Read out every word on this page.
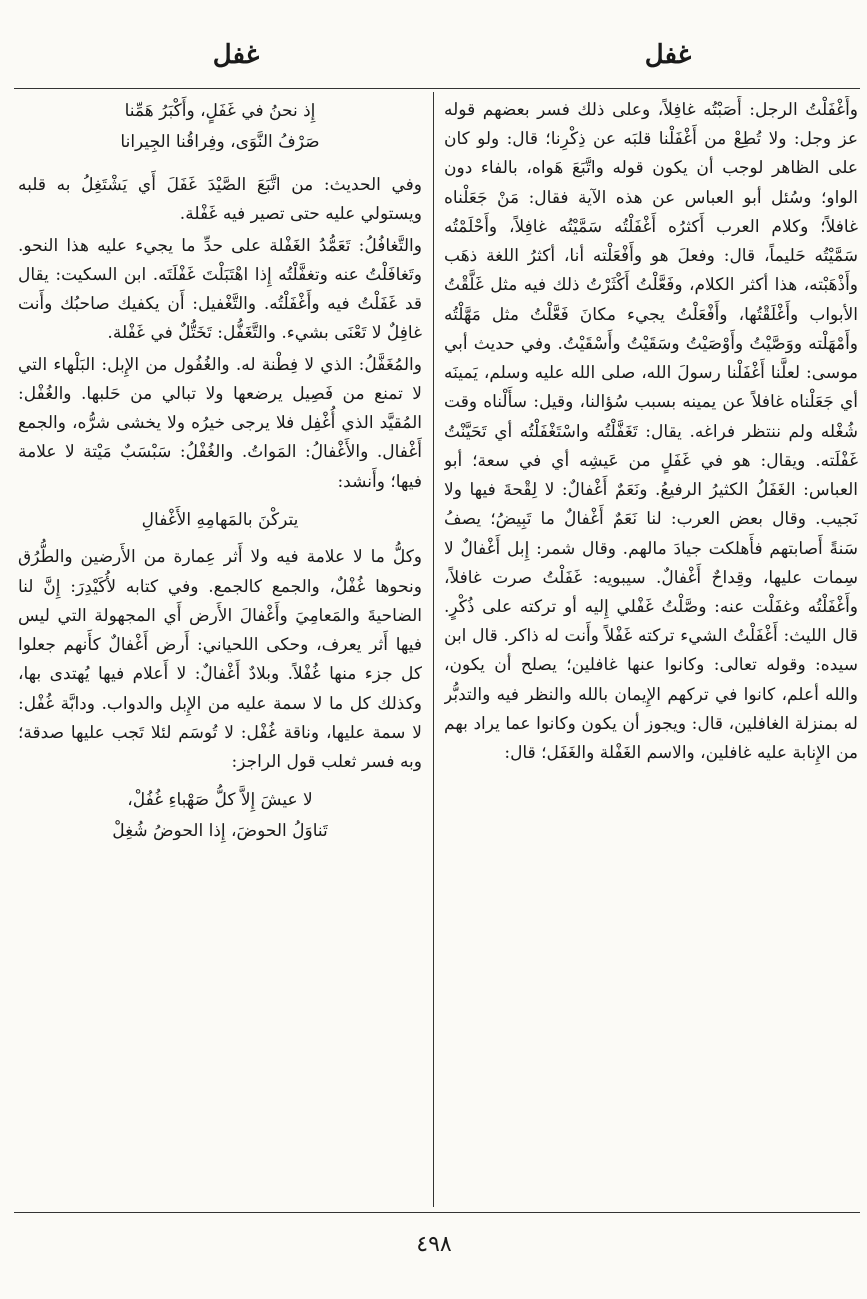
غفل
غفل

وأَغْفَلْتُ الرجل: أَصَبْتُه غافِلاً، وعلى ذلك فسر بعضهم قوله عز وجل: ولا تُطِعْ من أَغْفَلْنا قلبَه عن ذِكْرِنا؛ قال: ولو كان على الظاهر لوجب أن يكون قوله واتَّبَعَ هَواه، بالفاء دون الواو؛ وسُئل أبو العباس عن هذه الآية فقال: مَنْ جَعَلْناه غافلاً؛ وكلام العرب أَكثرُه أَغْفَلْتُه سَمَّيْتُه غافِلاً، وأَحْلَمْتُه سَمَّيْتُه حَليماً، قال: وفعلَ هو وأَفْعَلْته أنا، أكثرُ اللغة ذهَب وأَذْهَبْته، هذا أكثر الكلام، وفَعَّلْتُ أَكْثَرْتُ ذلك فيه مثل غَلَّقْتُ الأبواب وأَغْلَقْتُها، وأَفْعَلْتُ يجيء مكانَ فَعَّلْتُ مثل مَهَّلْتُه وأَمْهَلْته ووَصَّيْتُ وأَوْصَيْتُ وسَقَيْتُ وأَسْقَيْتُ. وفي حديث أبي موسى: لعلَّنا أَغْفَلْنا رسولَ الله، صلى الله عليه وسلم، يَمينَه أي جَعَلْناه غافلاً عن يمينه بسبب سُؤالنا، وقيل: سأَلْناه وقت شُغْله ولم ننتظر فراغه. يقال: تَغَفَّلْتُه واسْتَغْفَلْتُه أي تَحَيَّنْتُ غَفْلَته. ويقال: هو في غَفَلٍ من عَيشِه أي في سعة؛ أبو العباس: الغَفَلُ الكثيرُ الرفيعُ. ونَعَمٌ أَغْفالٌ: لا لِقْحةَ فيها ولا نَجيب. وقال بعض العرب: لنا نَعَمٌ أَغْفالٌ ما تَبِيضُ؛ يصفُ سَنةً أَصابتهم فأَهلكت جيادَ مالهم. وقال شمر: إِبل أَغْفالٌ لا سِمات عليها، وقِداحٌ أَغْفالٌ. سيبويه: غَفَلْتُ صرت غافلاً، وأَغْفَلْتُه وغفَلْت عنه: وصَّلْتُ غَفْلي إِليه أو تركته على ذُكْرٍ. قال الليث: أَغْفَلْتُ الشيء تركته غَفْلاً وأَنت له ذاكر. قال ابن سيده: وقوله تعالى: وكانوا عنها غافلين؛ يصلح أن يكون، والله أعلم، كانوا في تركهم الإِيمان بالله والنظر فيه والتدبُّر له بمنزلة الغافلين، قال: ويجوز أن يكون وكانوا عما يراد بهم من الإِنابة عليه غافلين، والاسم الغَفْلة والغَفَل؛ قال:

إِذ نحنُ في غَفَلٍ، وأَكْبَرُ هَمِّنا
صَرْفُ النَّوَى، وفِراقُنا الجِيرانا

وفي الحديث: من اتَّبَعَ الصَّيْدَ غَفَلَ أَي يَشْتَغِلُ به قلبه ويستولي عليه حتى تصير فيه غَفْلة.

والتَّغافُلُ: تَعَمُّدُ الغَفْلة على حدِّ ما يجيء عليه هذا النحو. وتَغافَلْتُ عنه وتغفَّلْتُه إِذا اهْتَبَلْتَ غَفْلَتَه. ابن السكيت: يقال قد غَفَلْتُ فيه وأَغْفَلْتُه. والتَّغْفيل: أَن يكفيك صاحبُك وأَنت غافِلٌ لا تَعْنَى بشيء. والتَّغَفُّل: تَخَتُّلٌ في غَفْلة.

والمُغَفَّلُ: الذي لا فِطْنة له. والغُفُول من الإِبل: البَلْهاء التي لا تمنع من فَصِيل يرضعها ولا تبالي من حَلبها. والغُفْل: المُقيَّد الذي أُغْفِل فلا يرجى خيرُه ولا يخشى شرُّه، والجمع أَغْفال. والأَغْفالُ: المَواتُ. والغُفْلُ: سَبْسَبٌ مَيْتة لا علامة فيها؛ وأَنشد:

يتركْنَ بالمَهامِهِ الأَغْفالِ

وكلُّ ما لا علامة فيه ولا أَثر عِمارة من الأَرضين والطُّرُق ونحوها غُفْلٌ، والجمع كالجمع. وفي كتابه لأُكَيْدِرَ: إِنَّ لنا الضاحيةَ والمَعامِيَ وأَغْفالَ الأَرض أَي المجهولة التي ليس فيها أَثر يعرف، وحكى اللحياني: أَرض أَغْفالٌ كأَنهم جعلوا كل جزء منها غُفْلاً. وبلادٌ أَغْفالٌ: لا أَعلام فيها يُهتدى بها، وكذلك كل ما لا سمة عليه من الإِبل والدواب. ودابَّة غُفْل: لا سمة عليها، وناقة غُفْل: لا تُوسَم لئلا تَجب عليها صدقة؛ وبه فسر ثعلب قول الراجز:

لا عيشَ إِلاَّ كلُّ صَهْباءِ غُفُلْ،
تَناوَلُ الحوضَ، إِذا الحوضُ شُغِلْ
٤٩٨
